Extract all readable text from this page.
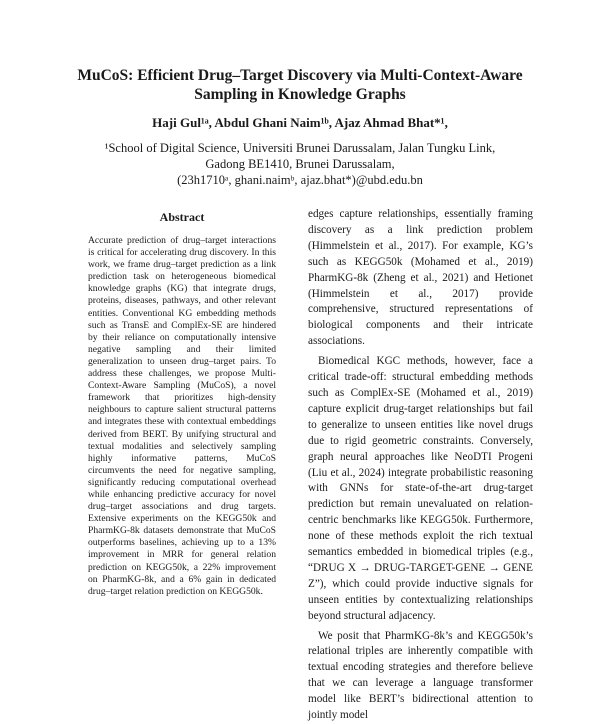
MuCoS: Efficient Drug–Target Discovery via Multi-Context-Aware
Sampling in Knowledge Graphs
Haji Gul¹ᵃ, Abdul Ghani Naim¹ᵇ, Ajaz Ahmad Bhat*¹,
¹School of Digital Science, Universiti Brunei Darussalam, Jalan Tungku Link,
Gadong BE1410, Brunei Darussalam,
(23h1710ᵃ, ghani.naimᵇ, ajaz.bhat*)@ubd.edu.bn
Abstract

Accurate prediction of drug–target interactions is critical for accelerating drug discovery. In this work, we frame drug–target prediction as a link prediction task on heterogeneous biomedical knowledge graphs (KG) that integrate drugs, proteins, diseases, pathways, and other relevant entities. Conventional KG embedding methods such as TransE and ComplEx-SE are hindered by their reliance on computationally intensive negative sampling and their limited generalization to unseen drug–target pairs. To address these challenges, we propose Multi-Context-Aware Sampling (MuCoS), a novel framework that prioritizes high-density neighbours to capture salient structural patterns and integrates these with contextual embeddings derived from BERT. By unifying structural and textual modalities and selectively sampling highly informative patterns, MuCoS circumvents the need for negative sampling, significantly reducing computational overhead while enhancing predictive accuracy for novel drug–target associations and drug targets. Extensive experiments on the KEGG50k and PharmKG-8k datasets demonstrate that MuCoS outperforms baselines, achieving up to a 13% improvement in MRR for general relation prediction on KEGG50k, a 22% improvement on PharmKG-8k, and a 6% gain in dedicated drug–target relation prediction on KEGG50k.

edges capture relationships, essentially framing discovery as a link prediction problem (Himmelstein et al., 2017). For example, KG’s such as KEGG50k (Mohamed et al., 2019) PharmKG-8k (Zheng et al., 2021) and Hetionet (Himmelstein et al., 2017) provide comprehensive, structured representations of biological components and their intricate associations.

Biomedical KGC methods, however, face a critical trade-off: structural embedding methods such as ComplEx-SE (Mohamed et al., 2019) capture explicit drug-target relationships but fail to generalize to unseen entities like novel drugs due to rigid geometric constraints. Conversely, graph neural approaches like NeoDTI Progeni (Liu et al., 2024) integrate probabilistic reasoning with GNNs for state-of-the-art drug-target prediction but remain unevaluated on relation-centric benchmarks like KEGG50k. Furthermore, none of these methods exploit the rich textual semantics embedded in biomedical triples (e.g., “DRUG X → DRUG-TARGET-GENE → GENE Z”), which could provide inductive signals for unseen entities by contextualizing relationships beyond structural adjacency.

We posit that PharmKG-8k’s and KEGG50k’s relational triples are inherently compatible with textual encoding strategies and therefore believe that we can leverage a language transformer model like BERT’s bidirectional attention to jointly model
